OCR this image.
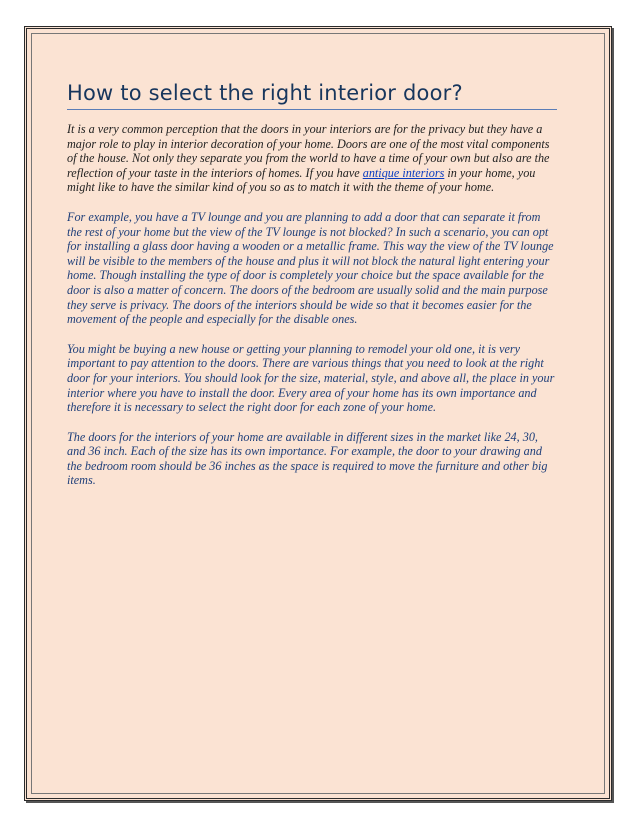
How to select the right interior door?

It is a very common perception that the doors in your interiors are for the privacy but they have a major role to play in interior decoration of your home. Doors are one of the most vital components of the house. Not only they separate you from the world to have a time of your own but also are the reflection of your taste in the interiors of homes. If you have antique interiors in your home, you might like to have the similar kind of you so as to match it with the theme of your home.

For example, you have a TV lounge and you are planning to add a door that can separate it from the rest of your home but the view of the TV lounge is not blocked? In such a scenario, you can opt for installing a glass door having a wooden or a metallic frame. This way the view of the TV lounge will be visible to the members of the house and plus it will not block the natural light entering your home. Though installing the type of door is completely your choice but the space available for the door is also a matter of concern. The doors of the bedroom are usually solid and the main purpose they serve is privacy. The doors of the interiors should be wide so that it becomes easier for the movement of the people and especially for the disable ones.

You might be buying a new house or getting your planning to remodel your old one, it is very important to pay attention to the doors. There are various things that you need to look at the right door for your interiors. You should look for the size, material, style, and above all, the place in your interior where you have to install the door. Every area of your home has its own importance and therefore it is necessary to select the right door for each zone of your home.

The doors for the interiors of your home are available in different sizes in the market like 24, 30, and 36 inch. Each of the size has its own importance. For example, the door to your drawing and the bedroom room should be 36 inches as the space is required to move the furniture and other big items.
